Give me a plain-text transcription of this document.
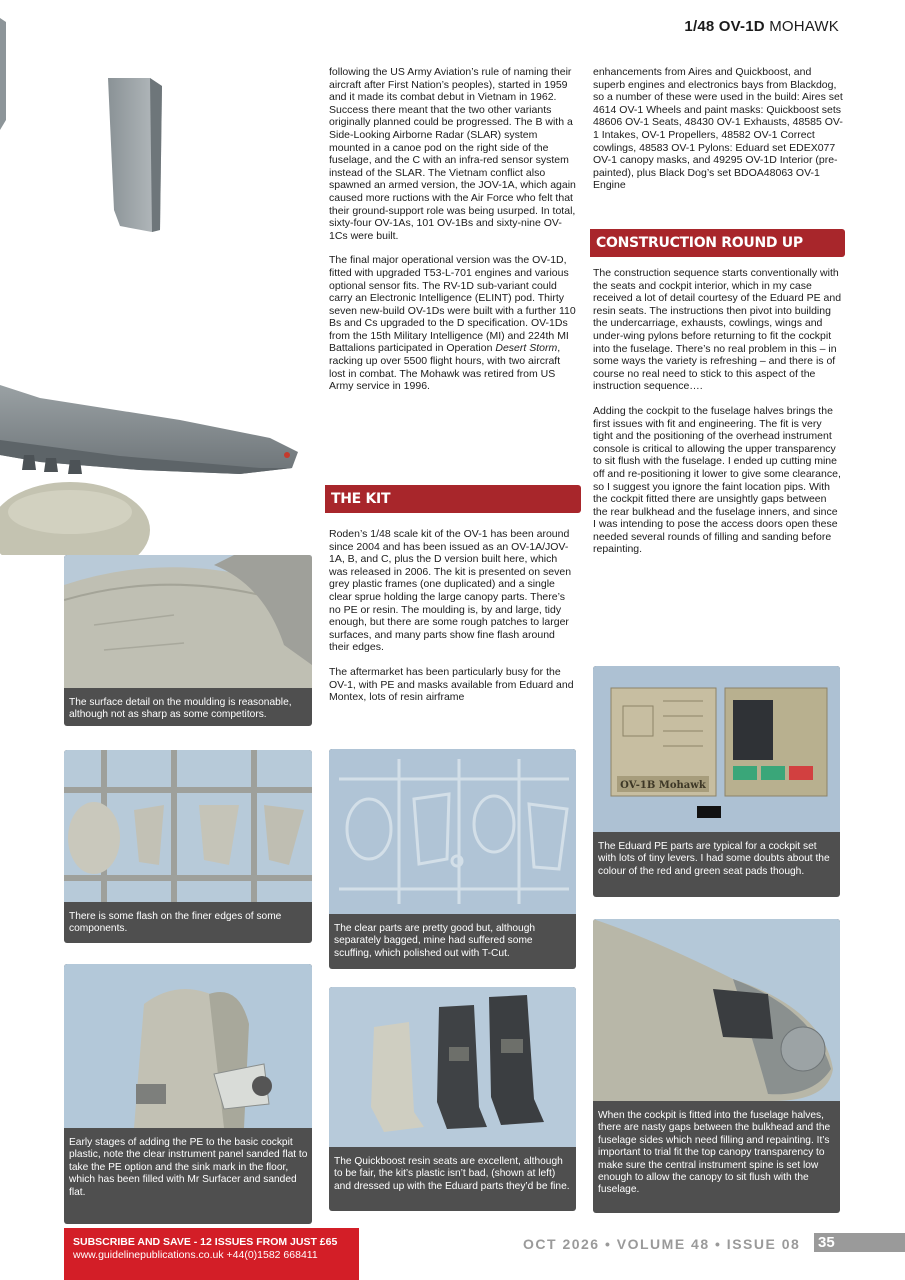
1/48 OV-1D MOHAWK

following the US Army Aviation’s rule of naming their aircraft after First Nation’s peoples), started in 1959 and it made its combat debut in Vietnam in 1962. Success there meant that the two other variants originally planned could be progressed. The B with a Side-Looking Airborne Radar (SLAR) system mounted in a canoe pod on the right side of the fuselage, and the C with an infra-red sensor system instead of the SLAR. The Vietnam conflict also spawned an armed version, the JOV-1A, which again caused more ructions with the Air Force who felt that their ground-support role was being usurped. In total, sixty-four OV-1As, 101 OV-1Bs and sixty-nine OV-1Cs were built.

The final major operational version was the OV-1D, fitted with upgraded T53-L-701 engines and various optional sensor fits. The RV-1D sub-variant could carry an Electronic Intelligence (ELINT) pod. Thirty seven new-build OV-1Ds were built with a further 110 Bs and Cs upgraded to the D specification. OV-1Ds from the 15th Military Intelligence (MI) and 224th MI Battalions participated in Operation Desert Storm, racking up over 5500 flight hours, with two aircraft lost in combat. The Mohawk was retired from US Army service in 1996.

THE KIT

Roden’s 1/48 scale kit of the OV-1 has been around since 2004 and has been issued as an OV-1A/JOV-1A, B, and C, plus the D version built here, which was released in 2006. The kit is presented on seven grey plastic frames (one duplicated) and a single clear sprue holding the large canopy parts. There’s no PE or resin. The moulding is, by and large, tidy enough, but there are some rough patches to larger surfaces, and many parts show fine flash around their edges.

The aftermarket has been particularly busy for the OV-1, with PE and masks available from Eduard and Montex, lots of resin airframe

enhancements from Aires and Quickboost, and superb engines and electronics bays from Blackdog, so a number of these were used in the build: Aires set 4614 OV-1 Wheels and paint masks: Quickboost sets 48606 OV-1 Seats, 48430 OV-1 Exhausts, 48585 OV-1 Intakes, OV-1 Propellers, 48582 OV-1 Correct cowlings, 48583 OV-1 Pylons: Eduard set EDEX077 OV-1 canopy masks, and 49295 OV-1D Interior (pre-painted), plus Black Dog’s set BDOA48063 OV-1 Engine

CONSTRUCTION ROUND UP

The construction sequence starts conventionally with the seats and cockpit interior, which in my case received a lot of detail courtesy of the Eduard PE and resin seats. The instructions then pivot into building the undercarriage, exhausts, cowlings, wings and under-wing pylons before returning to fit the cockpit into the fuselage. There’s no real problem in this – in some ways the variety is refreshing – and there is of course no real need to stick to this aspect of the instruction sequence….

Adding the cockpit to the fuselage halves brings the first issues with fit and engineering. The fit is very tight and the positioning of the overhead instrument console is critical to allowing the upper transparency to sit flush with the fuselage. I ended up cutting mine off and re-positioning it lower to give some clearance, so I suggest you ignore the faint location pips. With the cockpit fitted there are unsightly gaps between the rear bulkhead and the fuselage inners, and since I was intending to pose the access doors open these needed several rounds of filling and sanding before repainting.

The surface detail on the moulding is reasonable, although not as sharp as some competitors.
There is some flash on the finer edges of some components.
Early stages of adding the PE to the basic cockpit plastic, note the clear instrument panel sanded flat to take the PE option and the sink mark in the floor, which has been filled with Mr Surfacer and sanded flat.
The clear parts are pretty good but, although separately bagged, mine had suffered some scuffing, which polished out with T-Cut.
The Quickboost resin seats are excellent, although to be fair, the kit’s plastic isn’t bad, (shown at left) and dressed up with the Eduard parts they’d be fine.
OV-1B Mohawk
The Eduard PE parts are typical for a cockpit set with lots of tiny levers. I had some doubts about the colour of the red and green seat pads though.
When the cockpit is fitted into the fuselage halves, there are nasty gaps between the bulkhead and the fuselage sides which need filling and repainting. It’s important to trial fit the top canopy transparency to make sure the central instrument spine is set low enough to allow the canopy to sit flush with the fuselage.
SUBSCRIBE AND SAVE - 12 ISSUES FROM JUST £65
www.guidelinepublications.co.uk +44(0)1582 668411
OCT 2026 • VOLUME 48 • ISSUE 08 35
